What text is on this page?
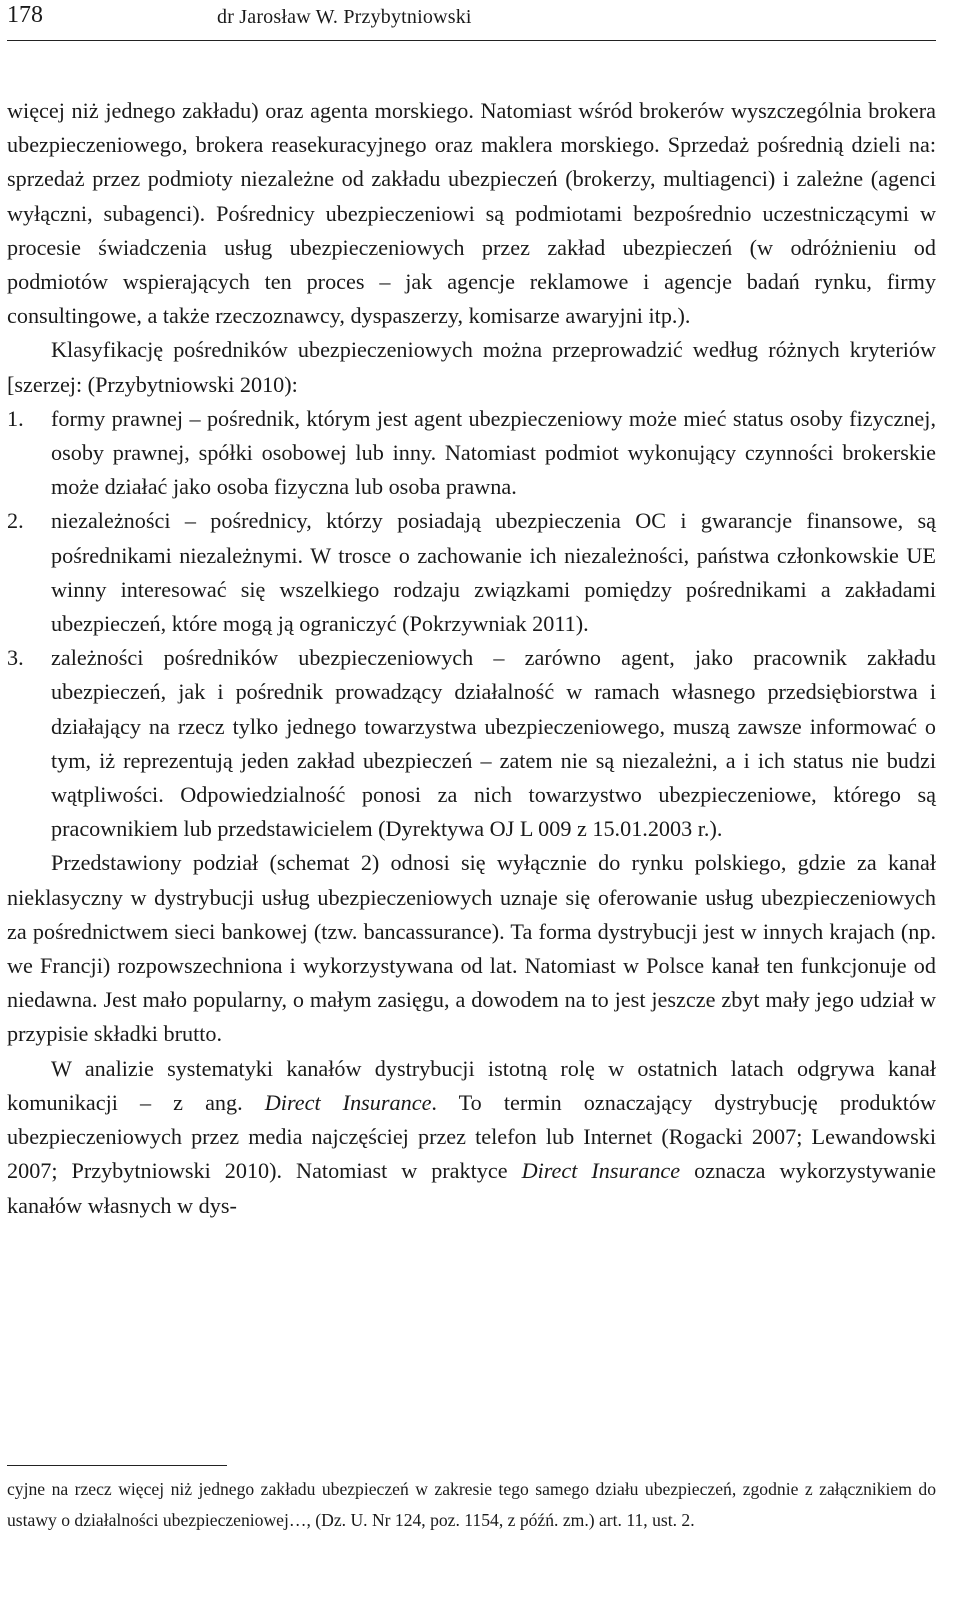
178	dr Jarosław W. Przybytniowski

więcej niż jednego zakładu) oraz agenta morskiego. Natomiast wśród brokerów wyszczególnia brokera ubezpieczeniowego, brokera reasekuracyjnego oraz maklera morskiego. Sprzedaż pośrednią dzieli na: sprzedaż przez podmioty niezależne od zakładu ubezpieczeń (brokerzy, multiagenci) i zależne (agenci wyłączni, subagenci). Pośrednicy ubezpieczeniowi są podmiotami bezpośrednio uczestniczącymi w procesie świadczenia usług ubezpieczeniowych przez zakład ubezpieczeń (w odróżnieniu od podmiotów wspierających ten proces – jak agencje reklamowe i agencje badań rynku, firmy consultingowe, a także rzeczoznawcy, dyspaszerzy, komisarze awaryjni itp.).

Klasyfikację pośredników ubezpieczeniowych można przeprowadzić według różnych kryteriów [szerzej: (Przybytniowski 2010):

1. formy prawnej – pośrednik, którym jest agent ubezpieczeniowy może mieć status osoby fizycznej, osoby prawnej, spółki osobowej lub inny. Natomiast podmiot wykonujący czynności brokerskie może działać jako osoba fizyczna lub osoba prawna.
2. niezależności – pośrednicy, którzy posiadają ubezpieczenia OC i gwarancje finansowe, są pośrednikami niezależnymi. W trosce o zachowanie ich niezależności, państwa członkowskie UE winny interesować się wszelkiego rodzaju związkami pomiędzy pośrednikami a zakładami ubezpieczeń, które mogą ją ograniczyć (Pokrzywniak 2011).
3. zależności pośredników ubezpieczeniowych – zarówno agent, jako pracownik zakładu ubezpieczeń, jak i pośrednik prowadzący działalność w ramach własnego przedsiębiorstwa i działający na rzecz tylko jednego towarzystwa ubezpieczeniowego, muszą zawsze informować o tym, iż reprezentują jeden zakład ubezpieczeń – zatem nie są niezależni, a i ich status nie budzi wątpliwości. Odpowiedzialność ponosi za nich towarzystwo ubezpieczeniowe, którego są pracownikiem lub przedstawicielem (Dyrektywa OJ L 009 z 15.01.2003 r.).

Przedstawiony podział (schemat 2) odnosi się wyłącznie do rynku polskiego, gdzie za kanał nieklasyczny w dystrybucji usług ubezpieczeniowych uznaje się oferowanie usług ubezpieczeniowych za pośrednictwem sieci bankowej (tzw. bancassurance). Ta forma dystrybucji jest w innych krajach (np. we Francji) rozpowszechniona i wykorzystywana od lat. Natomiast w Polsce kanał ten funkcjonuje od niedawna. Jest mało popularny, o małym zasięgu, a dowodem na to jest jeszcze zbyt mały jego udział w przypisie składki brutto.

W analizie systematyki kanałów dystrybucji istotną rolę w ostatnich latach odgrywa kanał komunikacji – z ang. Direct Insurance. To termin oznaczający dystrybucję produktów ubezpieczeniowych przez media najczęściej przez telefon lub Internet (Rogacki 2007; Lewandowski 2007; Przybytniowski 2010). Natomiast w praktyce Direct Insurance oznacza wykorzystywanie kanałów własnych w dys-

cyjne na rzecz więcej niż jednego zakładu ubezpieczeń w zakresie tego samego działu ubezpieczeń, zgodnie z załącznikiem do ustawy o działalności ubezpieczeniowej…, (Dz. U. Nr 124, poz. 1154, z późń. zm.) art. 11, ust. 2.
